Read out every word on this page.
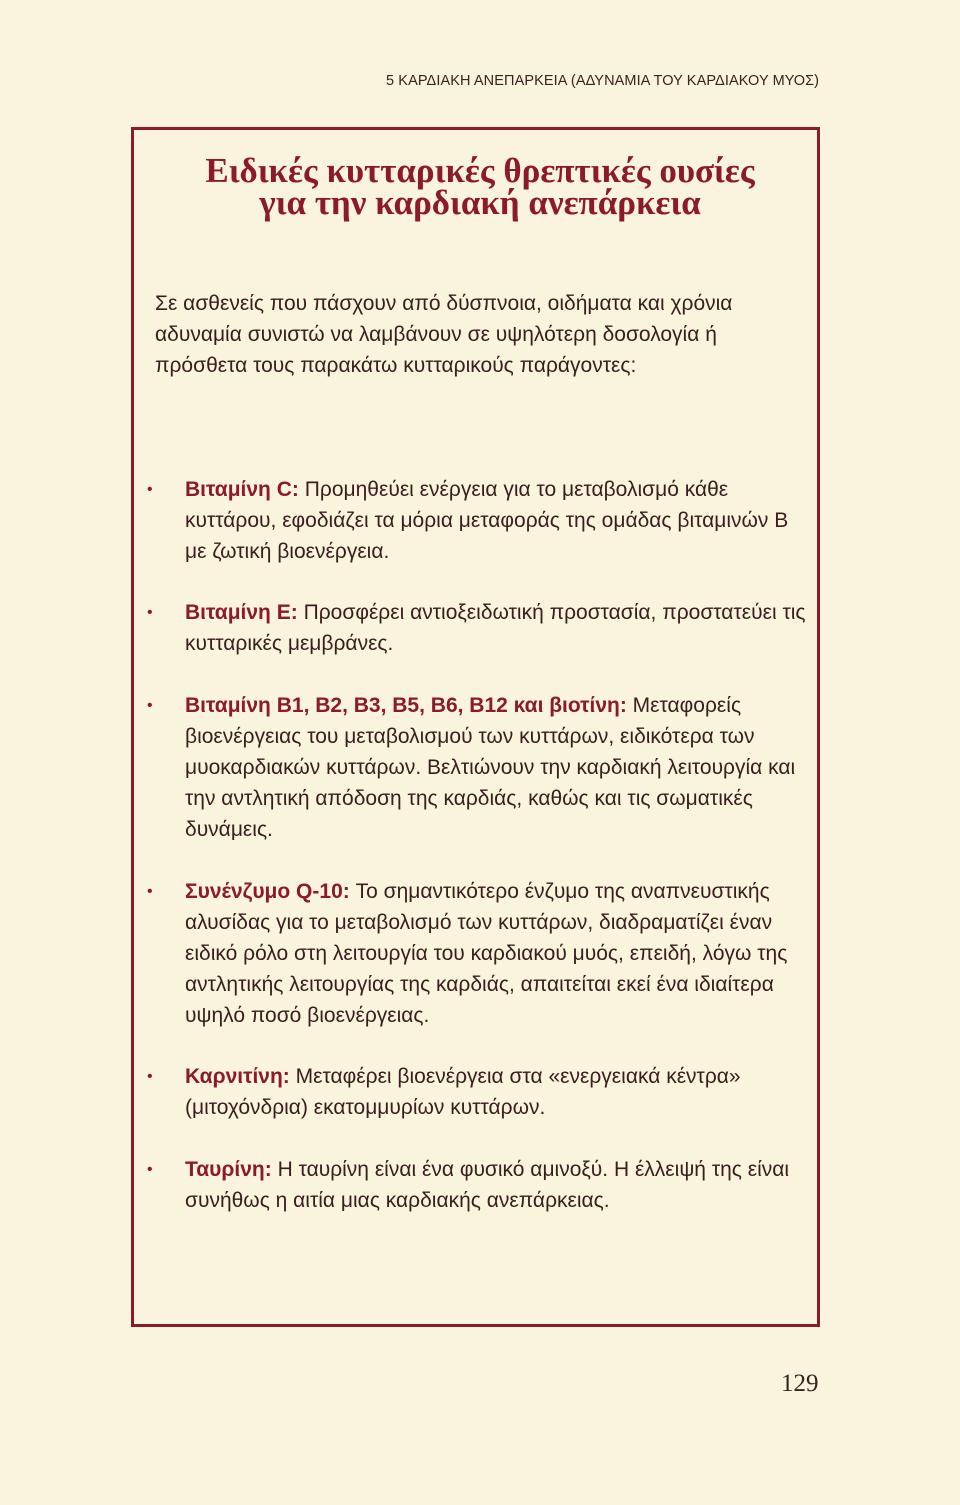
5 ΚΑΡΔΙΑΚΗ ΑΝΕΠΑΡΚΕΙΑ (ΑΔΥΝΑΜΙΑ ΤΟΥ ΚΑΡΔΙΑΚΟΥ ΜΥΟΣ)
Ειδικές κυτταρικές θρεπτικές ουσίες
για την καρδιακή ανεπάρκεια

Σε ασθενείς που πάσχουν από δύσπνοια, οιδήματα και χρόνια αδυναμία συνιστώ να λαμβάνουν σε υψηλότερη δοσολογία ή πρόσθετα τους παρακάτω κυτταρικούς παράγοντες:

• Βιταμίνη C: Προμηθεύει ενέργεια για το μεταβολισμό κάθε κυττάρου, εφοδιάζει τα μόρια μεταφοράς της ομάδας βιταμινών Β με ζωτική βιοενέργεια.
• Βιταμίνη Ε: Προσφέρει αντιοξειδωτική προστασία, προστατεύει τις κυτταρικές μεμβράνες.
• Βιταμίνη Β1, Β2, Β3, Β5, Β6, Β12 και βιοτίνη: Μεταφορείς βιοενέργειας του μεταβολισμού των κυττάρων, ειδικότερα των μυοκαρδιακών κυττάρων. Βελτιώνουν την καρδιακή λειτουργία και την αντλητική απόδοση της καρδιάς, καθώς και τις σωματικές δυνάμεις.
• Συνένζυμο Q-10: Το σημαντικότερο ένζυμο της αναπνευστικής αλυσίδας για το μεταβολισμό των κυττάρων, διαδραματίζει έναν ειδικό ρόλο στη λειτουργία του καρδιακού μυός, επειδή, λόγω της αντλητικής λειτουργίας της καρδιάς, απαιτείται εκεί ένα ιδιαίτερα υψηλό ποσό βιοενέργειας.
• Καρνιτίνη: Μεταφέρει βιοενέργεια στα «ενεργειακά κέντρα» (μιτοχόνδρια) εκατομμυρίων κυττάρων.
• Ταυρίνη: Η ταυρίνη είναι ένα φυσικό αμινοξύ. Η έλλειψή της είναι συνήθως η αιτία μιας καρδιακής ανεπάρκειας.
129
